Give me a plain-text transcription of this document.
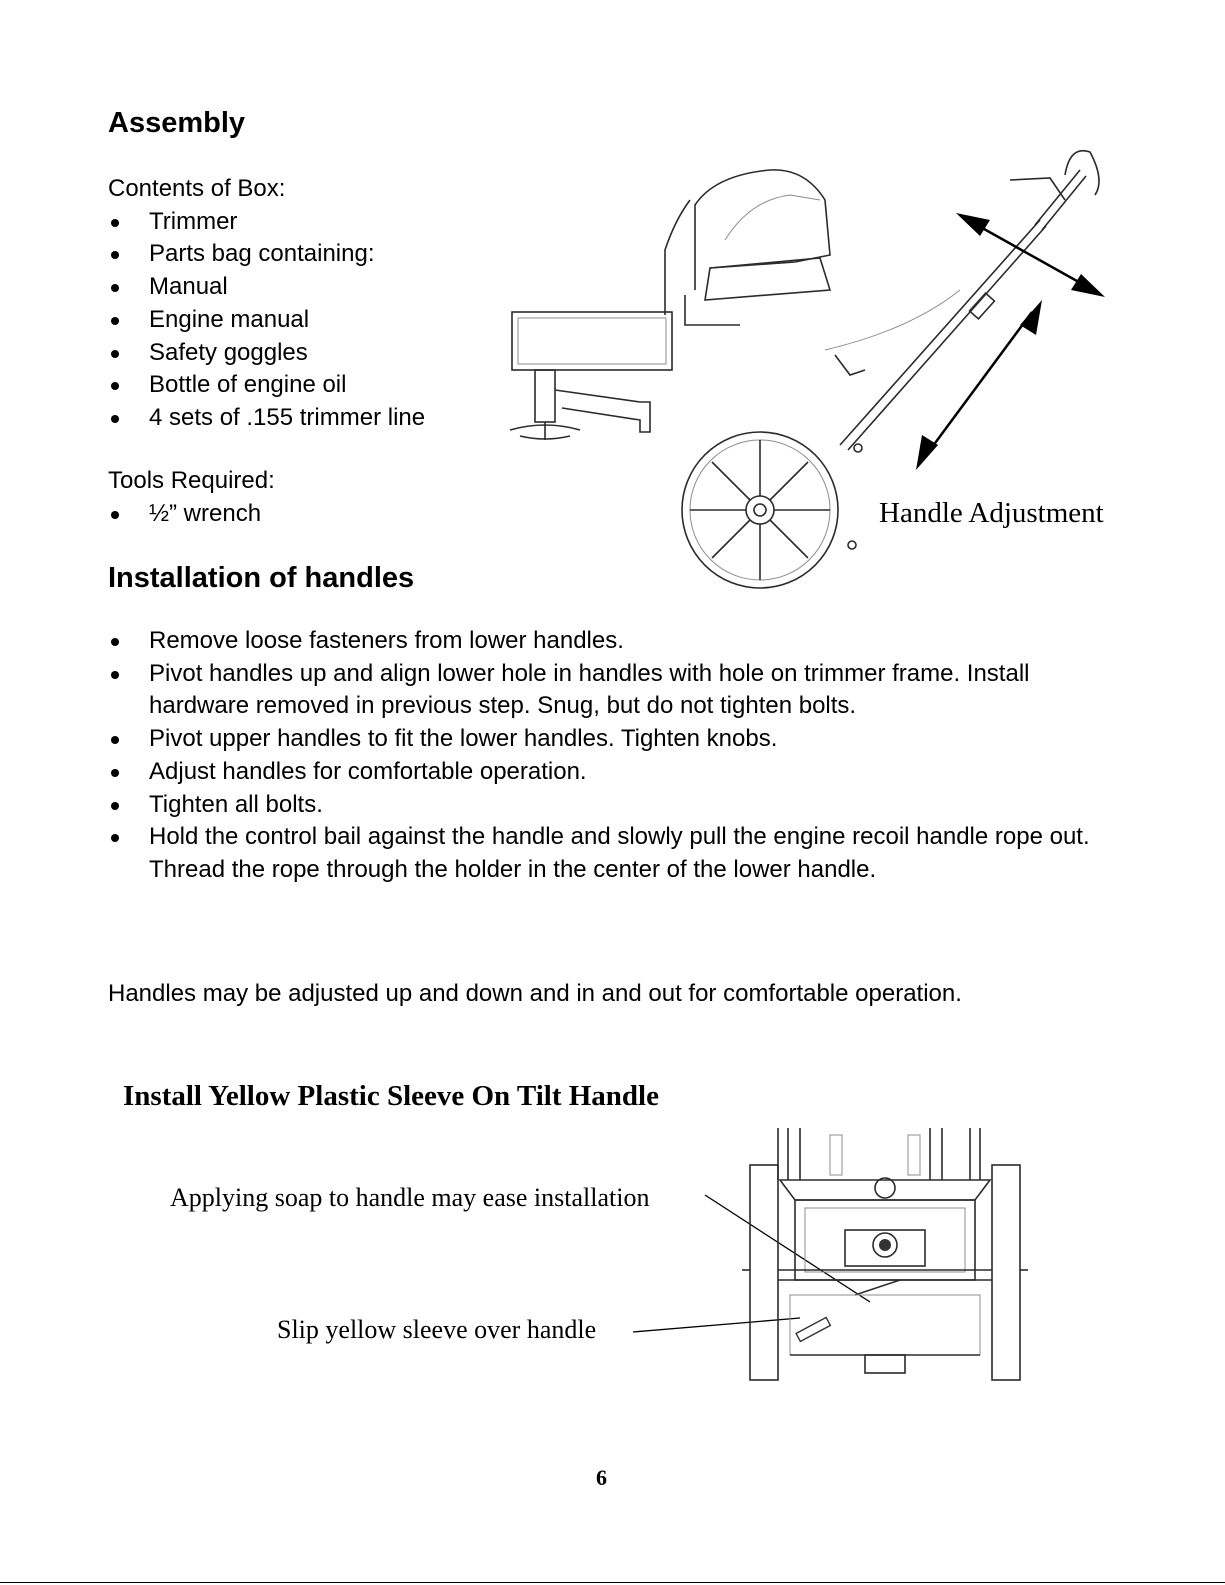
Assembly
Contents of Box:
Trimmer
Parts bag containing:
Manual
Engine manual
Safety goggles
Bottle of engine oil
4 sets of .155 trimmer line
Tools Required:
½” wrench
Installation of handles
Handle Adjustment
Remove loose fasteners from lower handles.
Pivot handles up and align lower hole in handles with hole on trimmer frame. Install hardware removed in previous step. Snug, but do not tighten bolts.
Pivot upper handles to fit the lower handles. Tighten knobs.
Adjust handles for comfortable operation.
Tighten all bolts.
Hold the control bail against the handle and slowly pull the engine recoil handle rope out. Thread the rope through the holder in the center of the lower handle.
Handles may be adjusted up and down and in and out for comfortable operation.
Install Yellow Plastic Sleeve On Tilt Handle
Applying soap to handle may ease installation
Slip yellow sleeve over handle
6
